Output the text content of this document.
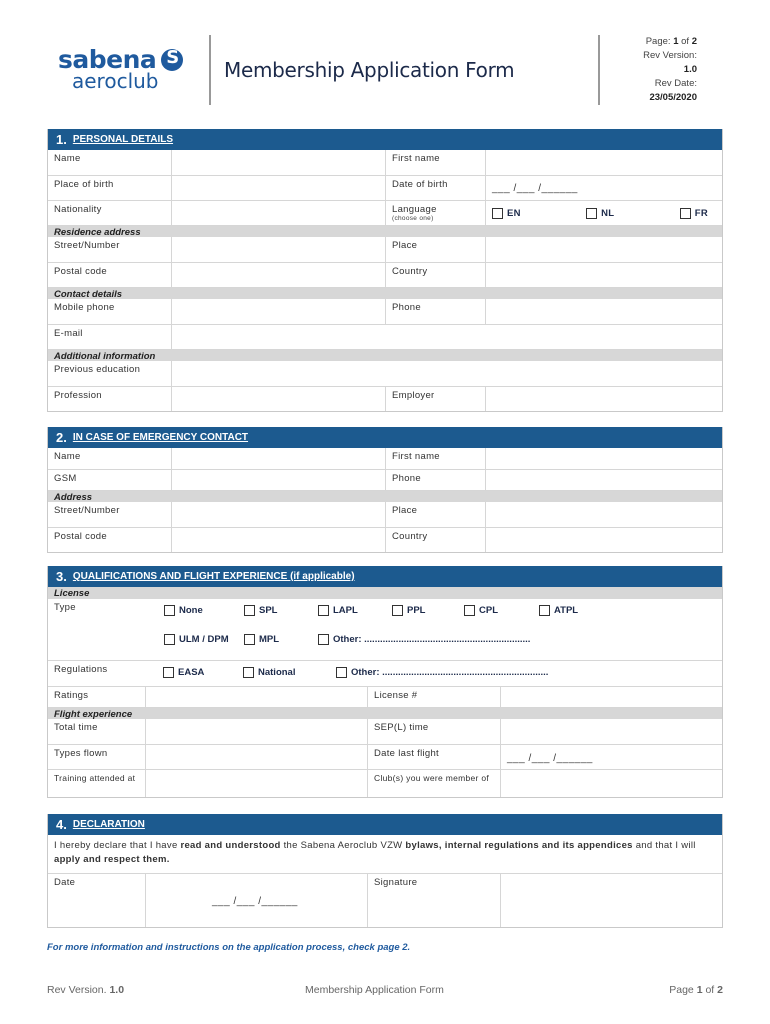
sabena
S
aeroclub	Membership Application Form
Page: 1 of 2
Rev Version:
1.0
Rev Date:
23/05/2020
1. PERSONAL DETAILS
Name	First name
Place of birth	Date of birth	___ /___ /______
Nationality	Language
(choose one)	EN	NL	FR
Residence address
Street/Number	Place
Postal code	Country
Contact details
Mobile phone	Phone
E-mail
Additional information
Previous education
Profession	Employer
2. IN CASE OF EMERGENCY CONTACT
Name	First name
GSM	Phone
Address
Street/Number	Place
Postal code	Country
3. QUALIFICATIONS AND FLIGHT EXPERIENCE (if applicable)
License
Type	None	SPL	LAPL	PPL	CPL	ATPL
ULM / DPM	MPL	Other: ...............................................................
Regulations	EASA	National	Other: ...............................................................
Ratings	License #
Flight experience
Total time	SEP(L) time
Types flown	Date last flight	___ /___ /______
Training attended at	Club(s) you were member of
4. DECLARATION
I hereby declare that I have read and understood the Sabena Aeroclub VZW bylaws, internal regulations and its appendices and that I will apply and respect them.
Date
___ /___ /______
Signature
For more information and instructions on the application process, check page 2.
Rev Version. 1.0	Membership Application Form	Page 1 of 2
